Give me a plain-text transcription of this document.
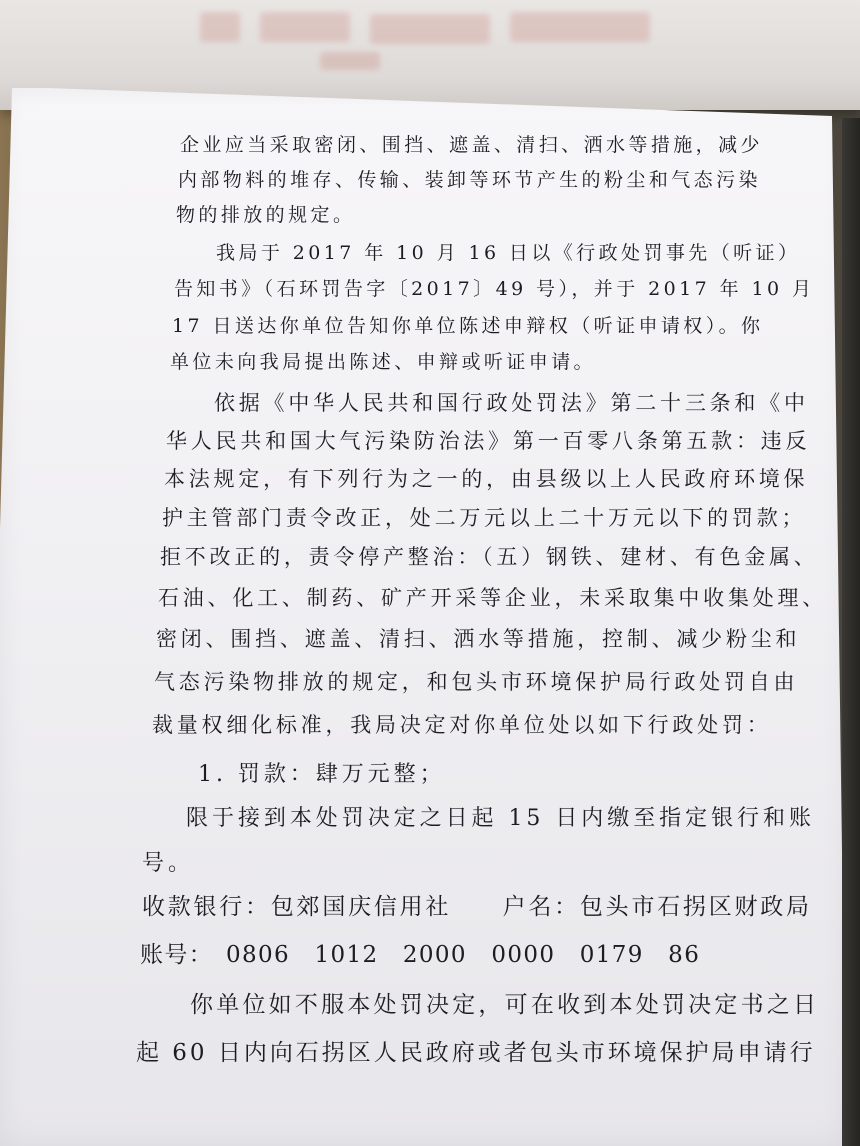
企业应当采取密闭、围挡、遮盖、清扫、洒水等措施，减少
内部物料的堆存、传输、装卸等环节产生的粉尘和气态污染
物的排放的规定。
我局于 2017 年 10 月 16 日以《行政处罚事先（听证）
告知书》（石环罚告字〔2017〕49 号），并于 2017 年 10 月
17 日送达你单位告知你单位陈述申辩权（听证申请权）。你
单位未向我局提出陈述、申辩或听证申请。
依据《中华人民共和国行政处罚法》第二十三条和《中
华人民共和国大气污染防治法》第一百零八条第五款：违反
本法规定，有下列行为之一的，由县级以上人民政府环境保
护主管部门责令改正，处二万元以上二十万元以下的罚款；
拒不改正的，责令停产整治：（五）钢铁、建材、有色金属、
石油、化工、制药、矿产开采等企业，未采取集中收集处理、
密闭、围挡、遮盖、清扫、洒水等措施，控制、减少粉尘和
气态污染物排放的规定，和包头市环境保护局行政处罚自由
裁量权细化标准，我局决定对你单位处以如下行政处罚：
1. 罚款：肆万元整；
限于接到本处罚决定之日起 15 日内缴至指定银行和账
号。
收款银行：包郊国庆信用社　　户名：包头市石拐区财政局
账号：　0806　1012　2000　0000　0179　86
你单位如不服本处罚决定，可在收到本处罚决定书之日
起 60 日内向石拐区人民政府或者包头市环境保护局申请行
